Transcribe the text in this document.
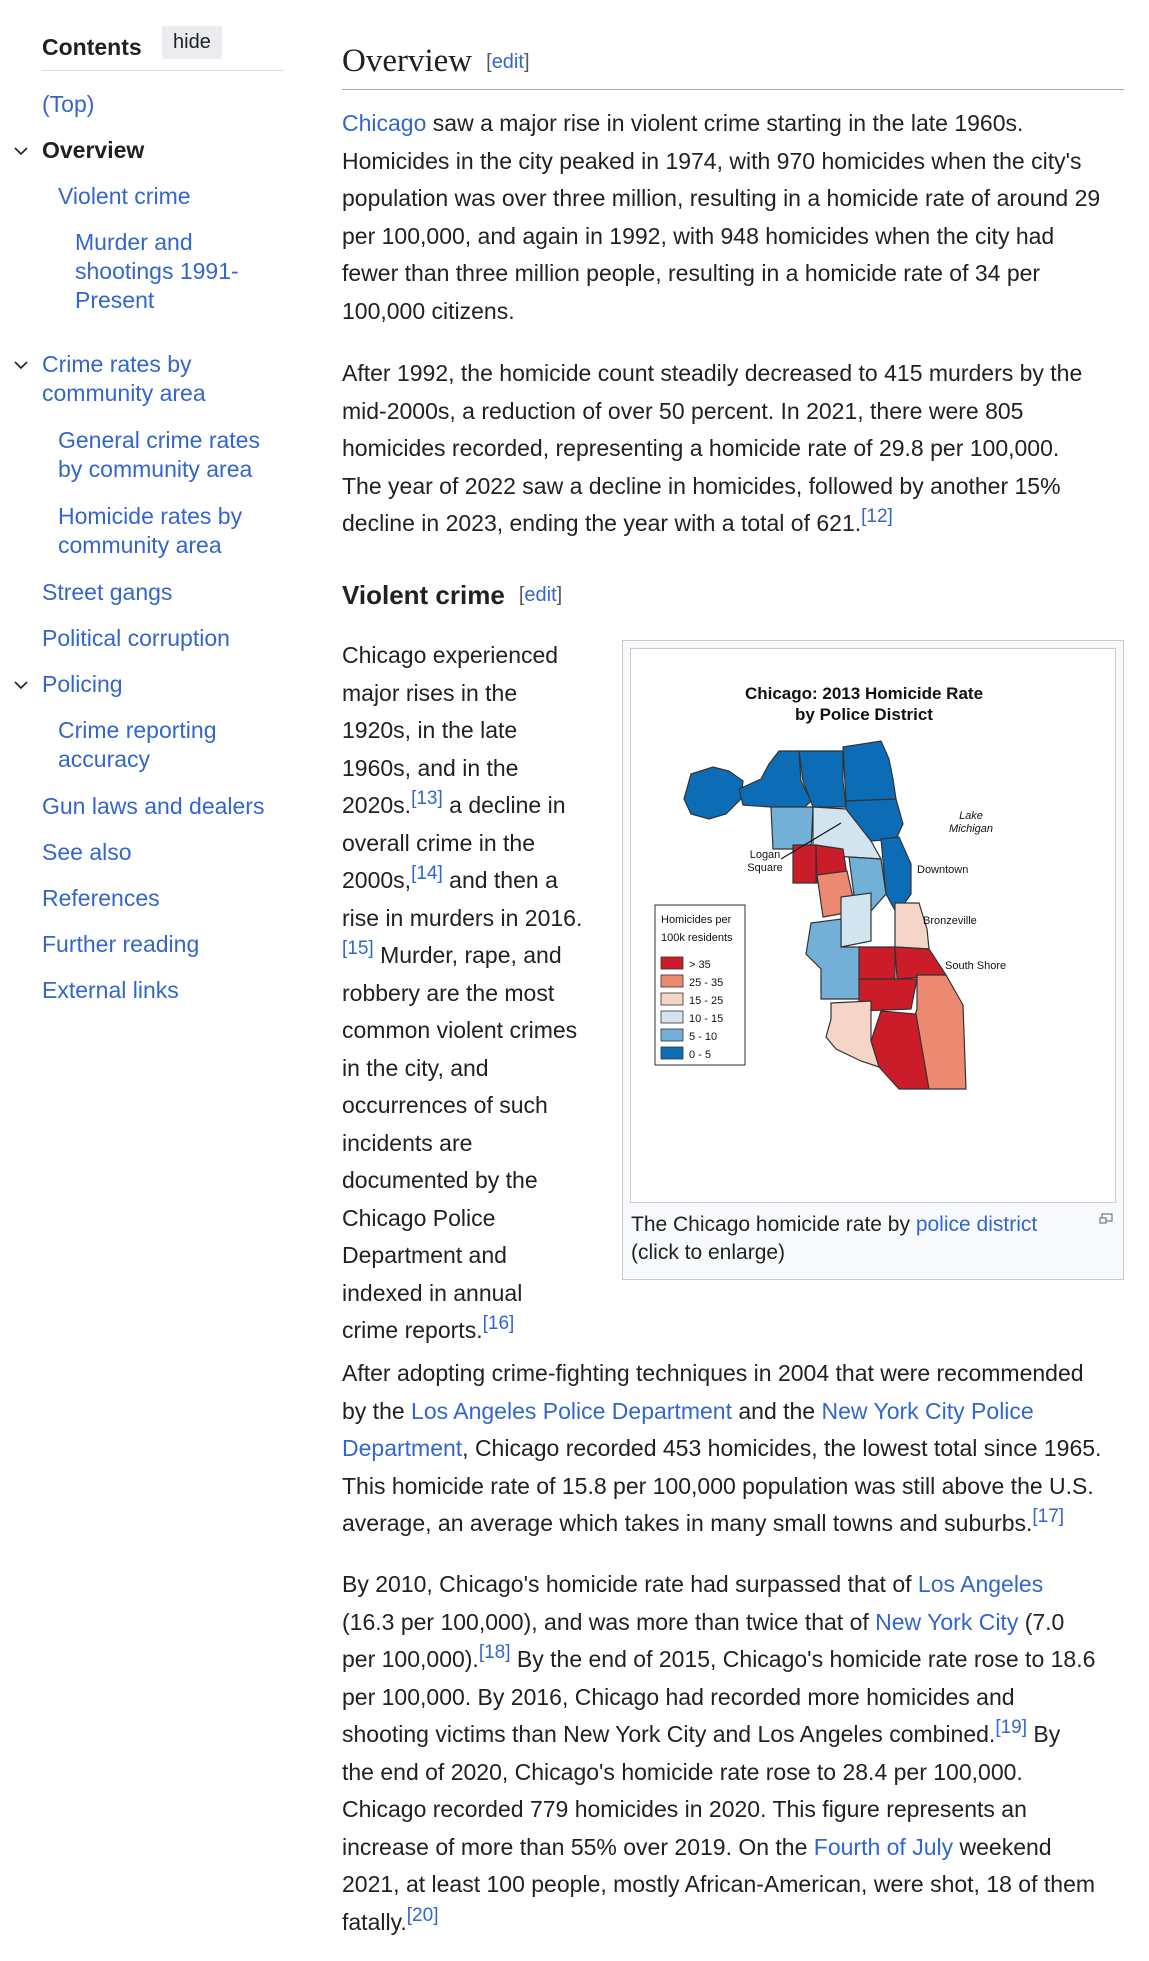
Contents	hide
(Top)
Overview
Violent crime
Murder and shootings 1991-Present
Crime rates by community area
General crime rates by community area
Homicide rates by community area
Street gangs
Political corruption
Policing
Crime reporting accuracy
Gun laws and dealers
See also
References
Further reading
External links
Overview [edit]

Chicago saw a major rise in violent crime starting in the late 1960s.
Homicides in the city peaked in 1974, with 970 homicides when the city's
population was over three million, resulting in a homicide rate of around 29
per 100,000, and again in 1992, with 948 homicides when the city had
fewer than three million people, resulting in a homicide rate of 34 per
100,000 citizens.

After 1992, the homicide count steadily decreased to 415 murders by the
mid-2000s, a reduction of over 50 percent. In 2021, there were 805
homicides recorded, representing a homicide rate of 29.8 per 100,000.
The year of 2022 saw a decline in homicides, followed by another 15%
decline in 2023, ending the year with a total of 621.[12]

Violent crime [edit]

Chicago experienced
major rises in the
1920s, in the late
1960s, and in the
2020s.[13] a decline in
overall crime in the
2000s,[14] and then a
rise in murders in 2016.
[15] Murder, rape, and
robbery are the most
common violent crimes
in the city, and
occurrences of such
incidents are
documented by the
Chicago Police
Department and
indexed in annual
crime reports.[16]

Chicago: 2013 Homicide Rate
by Police District
Lake
Michigan
Logan
Square	Downtown
Bronzeville
South Shore
Homicides per
100k residents
> 35
25 - 35
15 - 25
10 - 15
5 - 10
0 - 5
The Chicago homicide rate by police district (click to enlarge)

After adopting crime-fighting techniques in 2004 that were recommended
by the Los Angeles Police Department and the New York City Police
Department, Chicago recorded 453 homicides, the lowest total since 1965.
This homicide rate of 15.8 per 100,000 population was still above the U.S.
average, an average which takes in many small towns and suburbs.[17]

By 2010, Chicago's homicide rate had surpassed that of Los Angeles
(16.3 per 100,000), and was more than twice that of New York City (7.0
per 100,000).[18] By the end of 2015, Chicago's homicide rate rose to 18.6
per 100,000. By 2016, Chicago had recorded more homicides and
shooting victims than New York City and Los Angeles combined.[19] By
the end of 2020, Chicago's homicide rate rose to 28.4 per 100,000.
Chicago recorded 779 homicides in 2020. This figure represents an
increase of more than 55% over 2019. On the Fourth of July weekend
2021, at least 100 people, mostly African-American, were shot, 18 of them
fatally.[20]
